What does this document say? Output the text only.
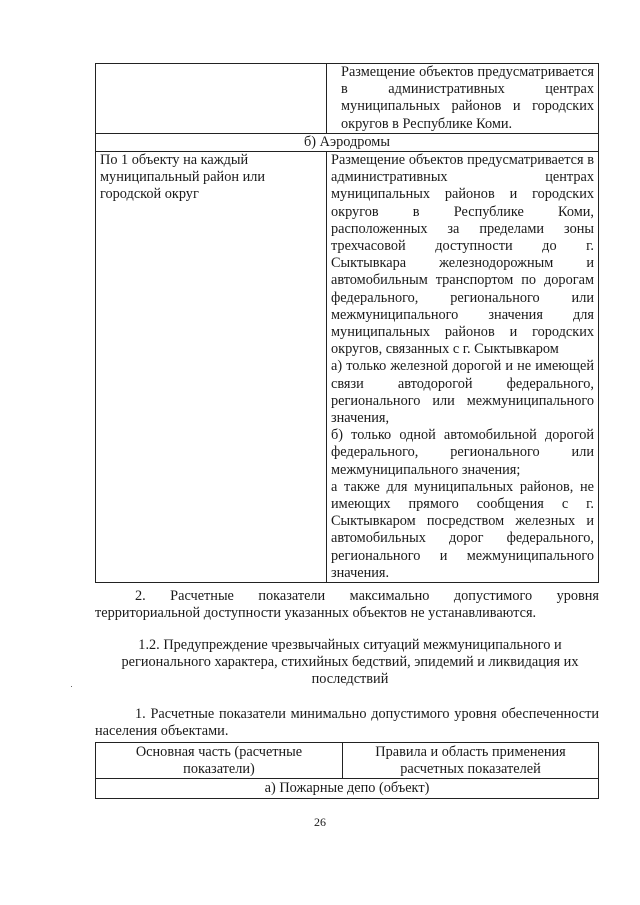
	Размещение объектов предусматривается в административных центрах муниципальных районов и городских округов в Республике Коми.
б) Аэродромы	
По 1 объекту на каждый муниципальный район или городской округ	Размещение объектов предусматривается в административных центрах муниципальных районов и городских округов в Республике Коми, расположенных за пределами зоны трехчасовой доступности до г. Сыктывкара железнодорожным и автомобильным транспортом по дорогам федерального, регионального или межмуниципального значения для муниципальных районов и городских округов, связанных с г. Сыктывкаром
а) только железной дорогой и не имеющей связи автодорогой федерального, регионального или межмуниципального значения,
б) только одной автомобильной дорогой федерального, регионального или межмуниципального значения;
а также для муниципальных районов, не имеющих прямого сообщения с г. Сыктывкаром посредством железных и автомобильных дорог федерального, регионального и межмуниципального значения.
2. Расчетные показатели максимально допустимого уровня территориальной доступности указанных объектов не устанавливаются.
1.2. Предупреждение чрезвычайных ситуаций межмуниципального и регионального характера, стихийных бедствий, эпидемий и ликвидация их последствий
1. Расчетные показатели минимально допустимого уровня обеспеченности населения объектами.
Основная часть (расчетные показатели)	Правила и область применения расчетных показателей
а) Пожарные депо (объект)
26
